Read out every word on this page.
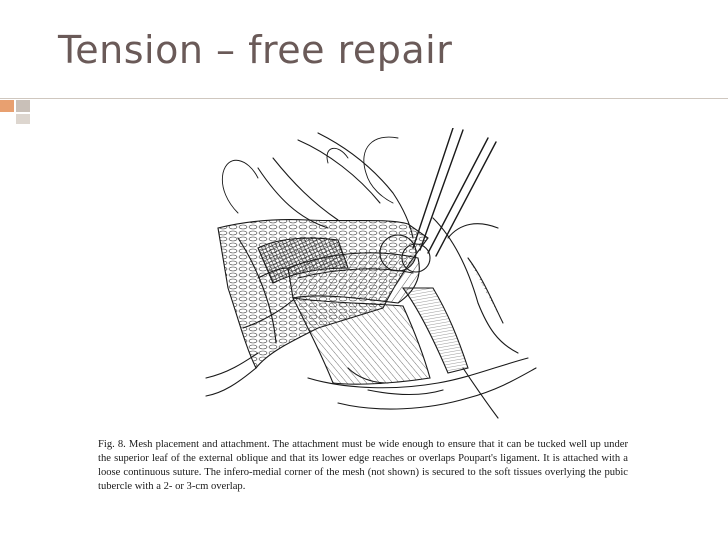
Tension – free repair
Fig. 8. Mesh placement and attachment. The attachment must be wide enough to ensure that it can be tucked well up under the superior leaf of the external oblique and that its lower edge reaches or overlaps Poupart's ligament. It is attached with a loose continuous suture. The infero-medial corner of the mesh (not shown) is secured to the soft tissues overlying the pubic tubercle with a 2- or 3-cm overlap.
